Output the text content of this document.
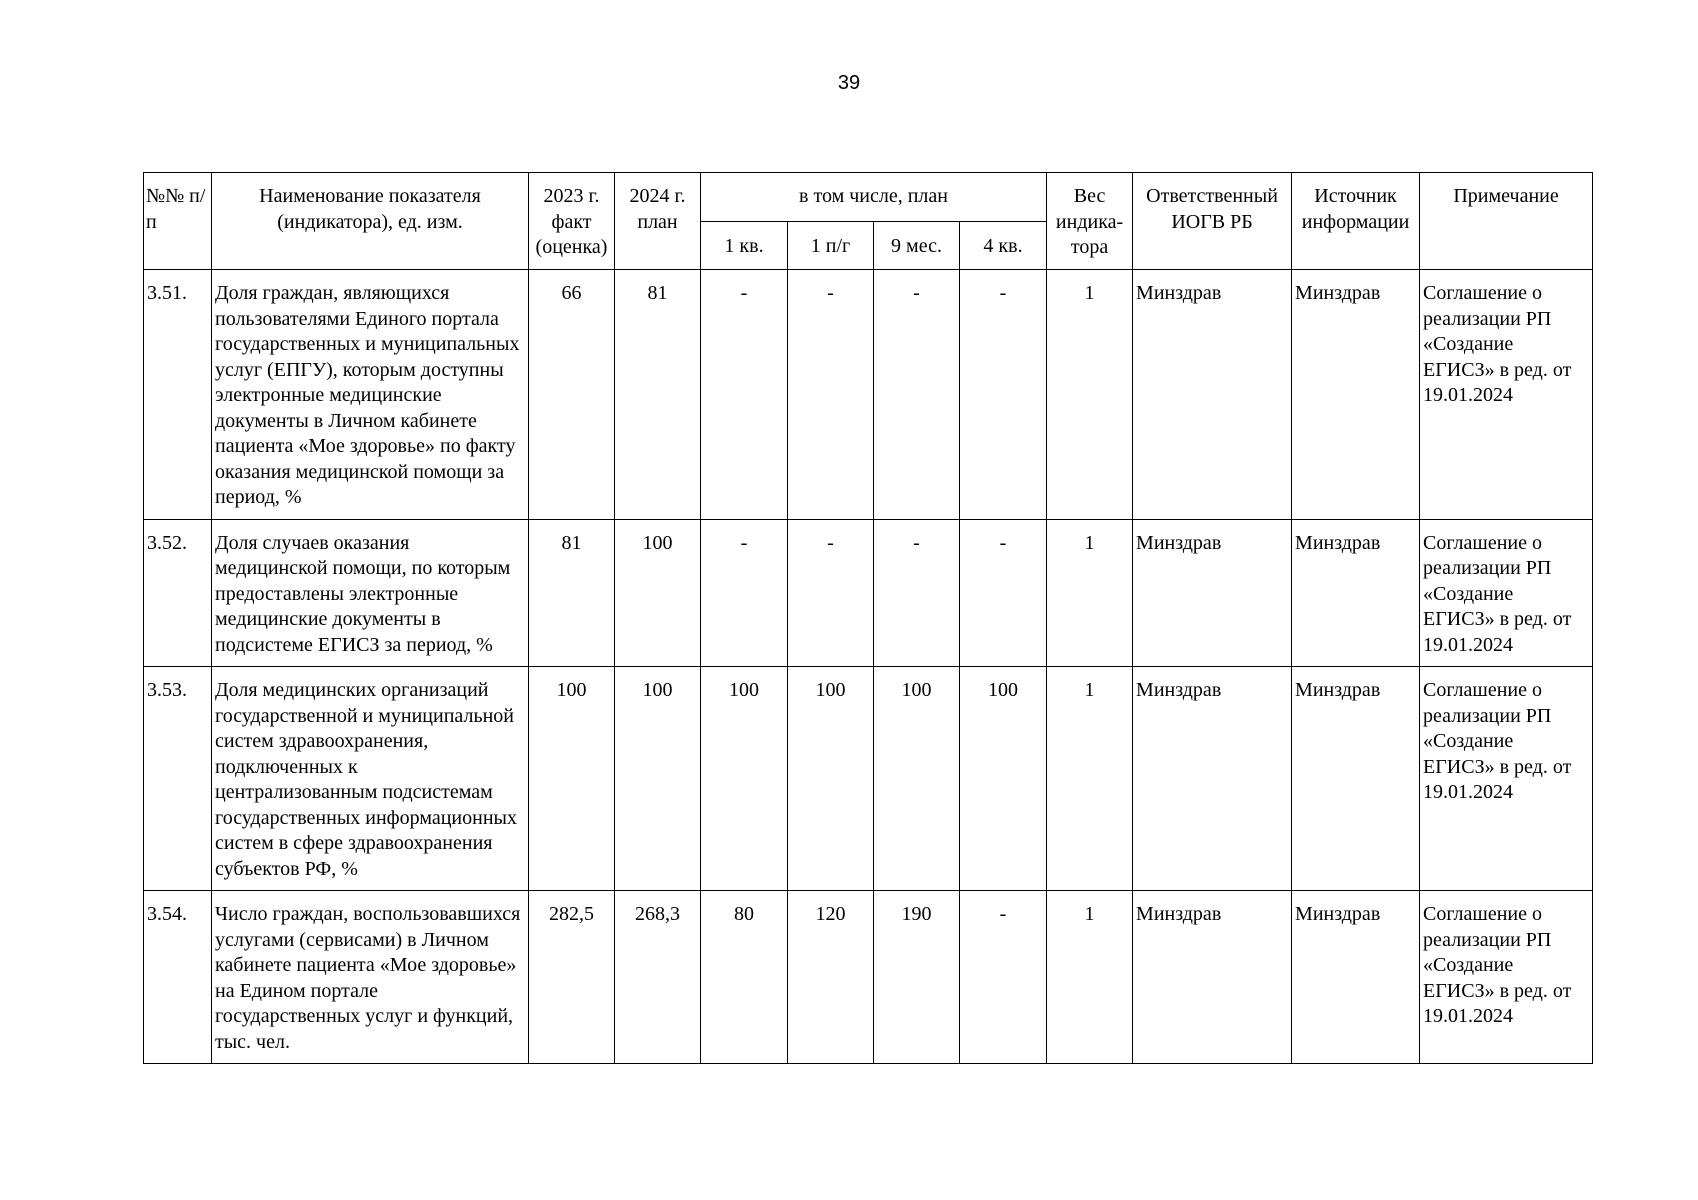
39
№№ п/п	Наименование показателя (индикатора), ед. изм.	2023 г. факт (оценка)	2024 г. план	в том числе, план				Вес индика-тора	Ответственный ИОГВ РБ	Источник информации	Примечание
				1 кв.	1 п/г	9 мес.	4 кв.				
3.51.	Доля граждан, являющихся пользователями Единого портала государственных и муниципальных услуг (ЕПГУ), которым доступны электронные медицинские документы в Личном кабинете пациента «Мое здоровье» по факту оказания медицинской помощи за период, %	66	81	-	-	-	-	1	Минздрав	Минздрав	Соглашение о реализации РП «Создание ЕГИСЗ» в ред. от 19.01.2024
3.52.	Доля случаев оказания медицинской помощи, по которым предоставлены электронные медицинские документы в подсистеме ЕГИСЗ за период, %	81	100	-	-	-	-	1	Минздрав	Минздрав	Соглашение о реализации РП «Создание ЕГИСЗ» в ред. от 19.01.2024
3.53.	Доля медицинских организаций государственной и муниципальной систем здравоохранения, подключенных к централизованным подсистемам государственных информационных систем в сфере здравоохранения субъектов РФ, %	100	100	100	100	100	100	1	Минздрав	Минздрав	Соглашение о реализации РП «Создание ЕГИСЗ» в ред. от 19.01.2024
3.54.	Число граждан, воспользовавшихся услугами (сервисами) в Личном кабинете пациента «Мое здоровье» на Едином портале государственных услуг и функций, тыс. чел.	282,5	268,3	80	120	190	-	1	Минздрав	Минздрав	Соглашение о реализации РП «Создание ЕГИСЗ» в ред. от 19.01.2024
